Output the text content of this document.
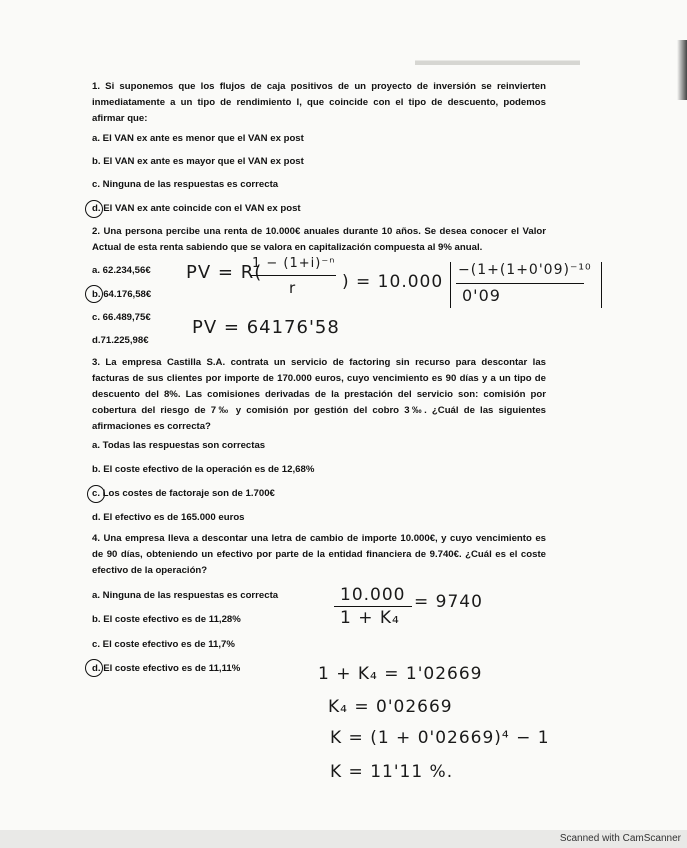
▬▬▬▬▬▬▬▬▬▬▬
1. Si suponemos que los flujos de caja positivos de un proyecto de inversión se reinvierten inmediatamente a un tipo de rendimiento I, que coincide con el tipo de descuento, podemos afirmar que:
a. El VAN ex ante es menor que el VAN ex post
b. El VAN ex ante es mayor que el VAN ex post
c. Ninguna de las respuestas es correcta
d. El VAN ex ante coincide con el VAN ex post
2. Una persona percibe una renta de 10.000€ anuales durante 10 años. Se desea conocer el Valor Actual de esta renta sabiendo que se valora en capitalización compuesta al 9% anual.
a. 62.234,56€
b. 64.176,58€
c. 66.489,75€
d.71.225,98€
PV = R(
1 − (1+i)⁻ⁿ
r	) = 10.000
−(1+(1+0'09)⁻¹⁰
0'09
PV = 64176'58
3. La empresa Castilla S.A. contrata un servicio de factoring sin recurso para descontar las facturas de sus clientes por importe de 170.000 euros, cuyo vencimiento es 90 días y a un tipo de descuento del 8%. Las comisiones derivadas de la prestación del servicio son: comisión por cobertura del riesgo de 7‰ y comisión por gestión del cobro 3‰. ¿Cuál de las siguientes afirmaciones es correcta?
a. Todas las respuestas son correctas
b. El coste efectivo de la operación es de 12,68%
c. Los costes de factoraje son de 1.700€
d. El efectivo es de 165.000 euros
4. Una empresa lleva a descontar una letra de cambio de importe 10.000€, y cuyo vencimiento es de 90 días, obteniendo un efectivo por parte de la entidad financiera de 9.740€. ¿Cuál es el coste efectivo de la operación?
a. Ninguna de las respuestas es correcta
b. El coste efectivo es de 11,28%
c. El coste efectivo es de 11,7%
d. El coste efectivo es de 11,11%
10.000
1 + K₄
= 9740
1 + K₄ = 1'02669
K₄ = 0'02669
K = (1 + 0'02669)⁴ − 1
K = 11'11 %.
Scanned with CamScanner
